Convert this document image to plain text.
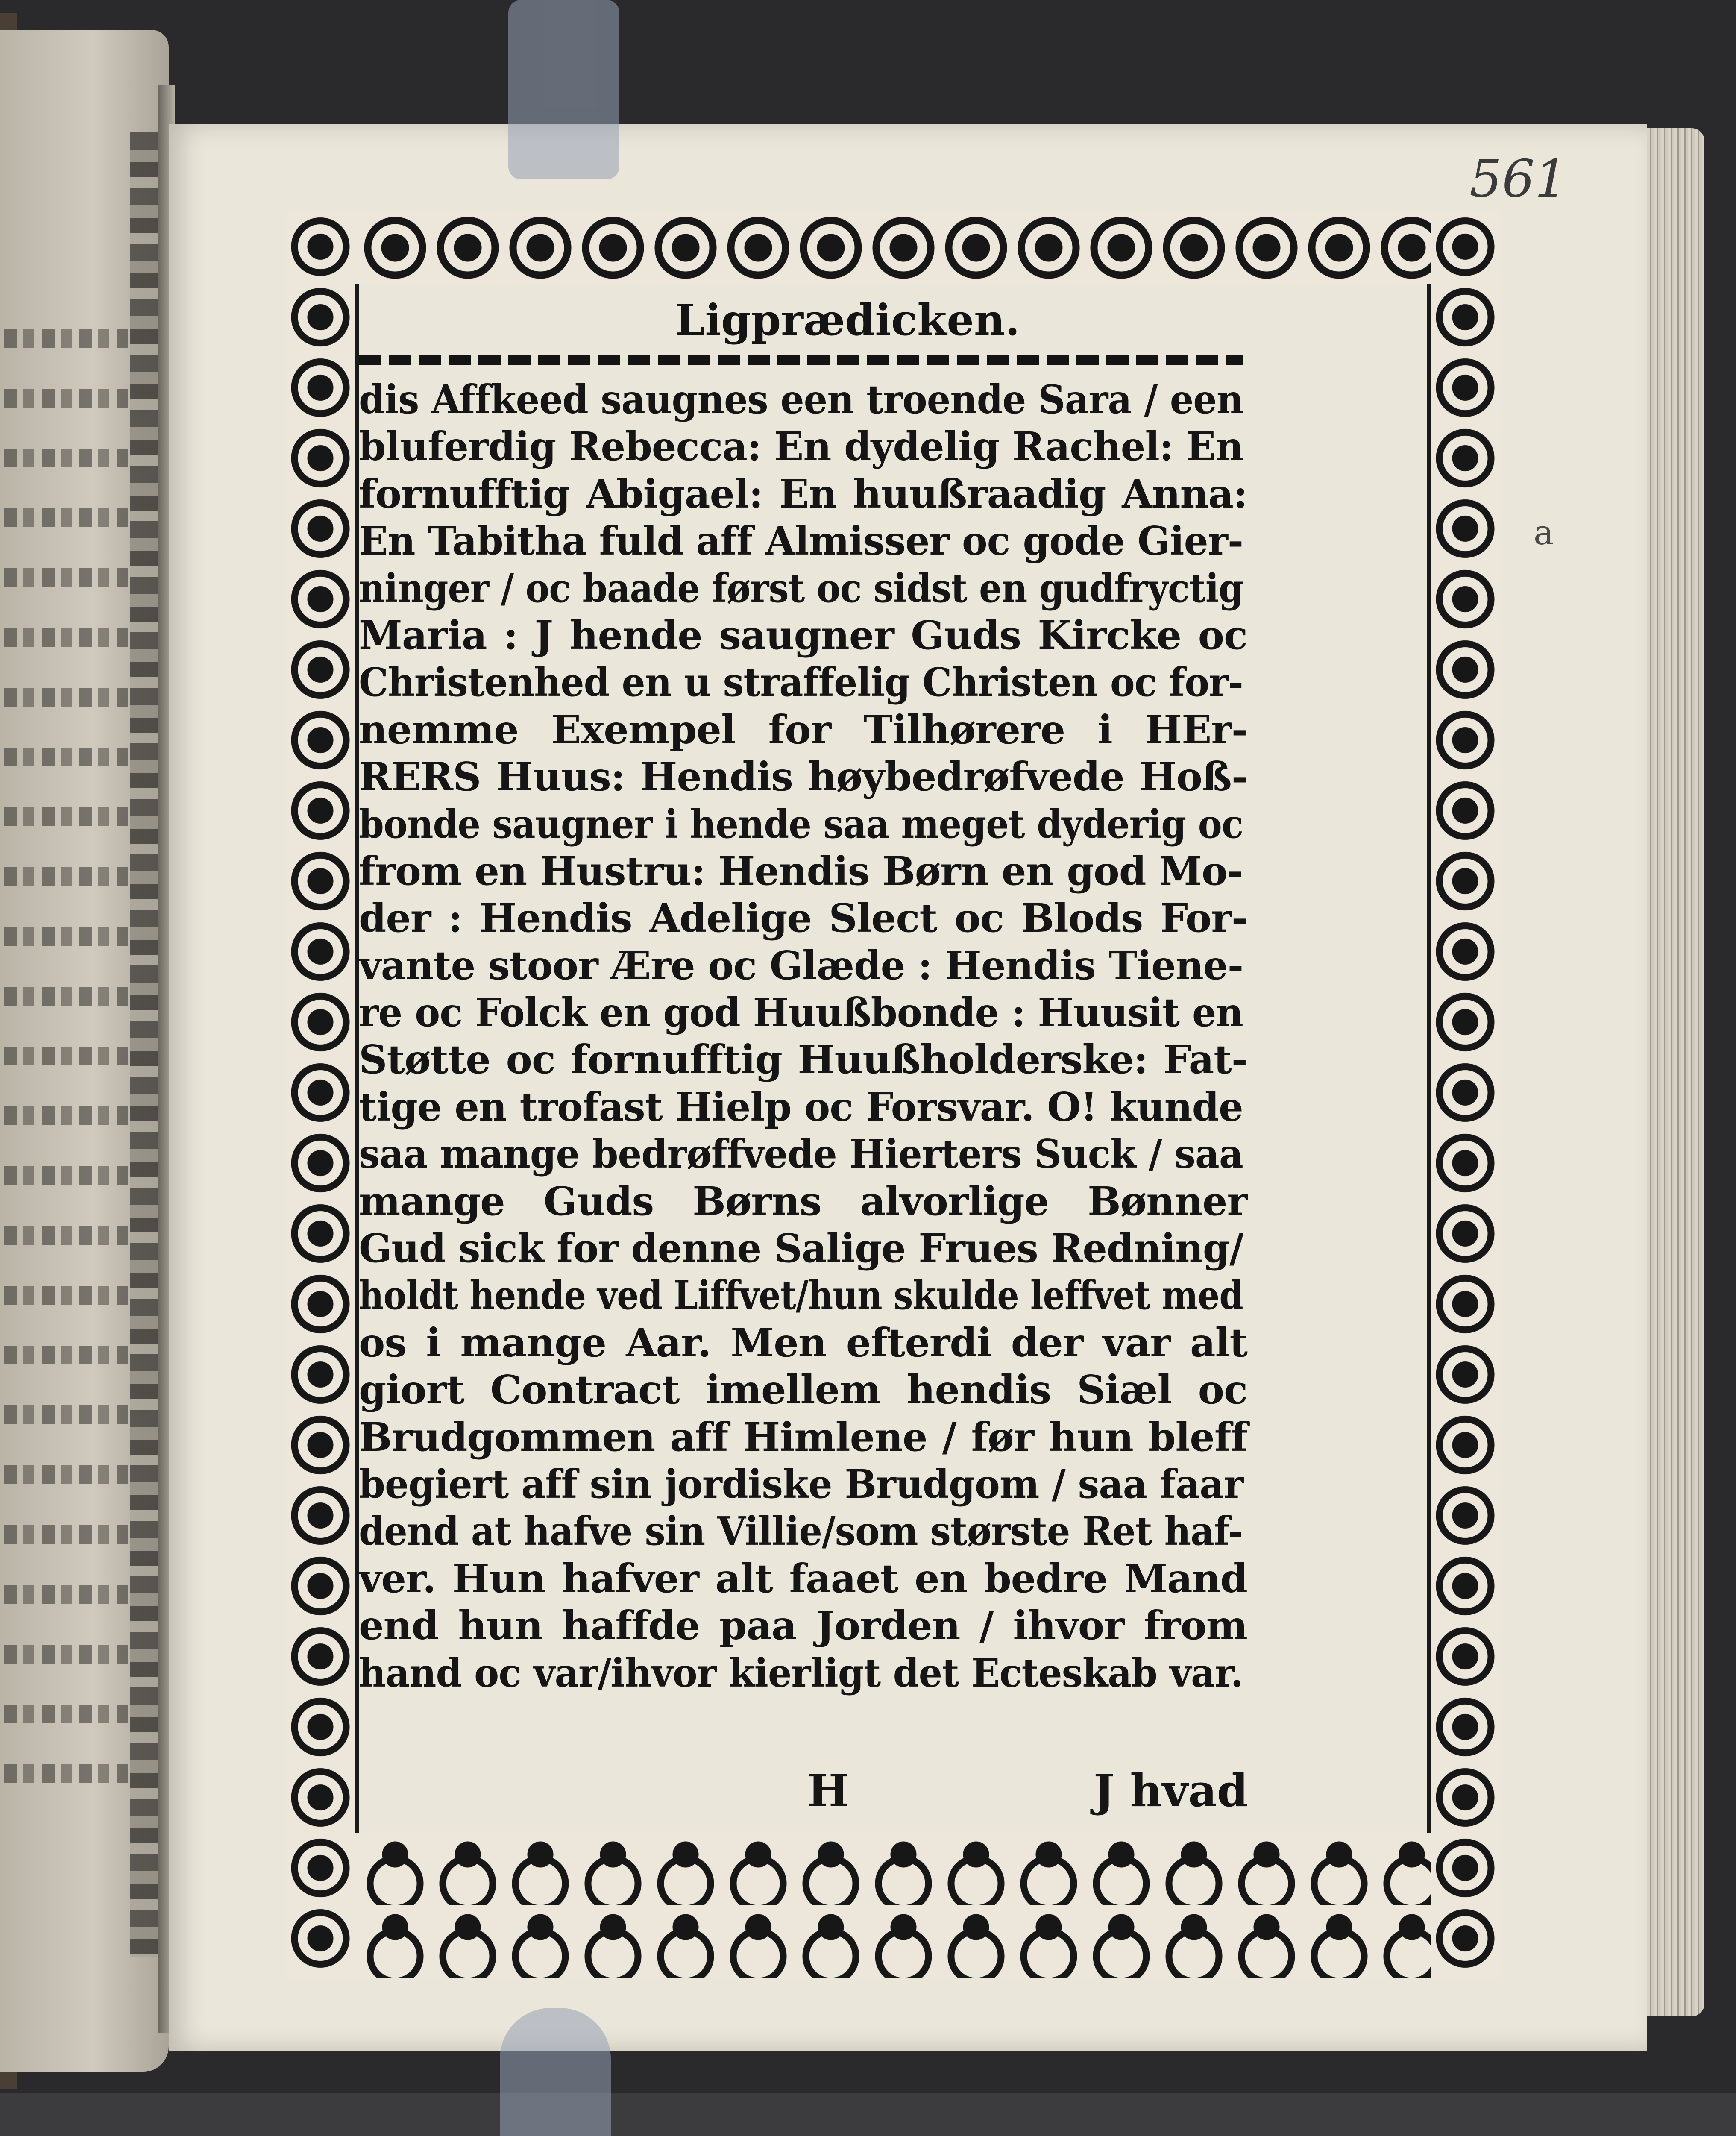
561
a
Ligprædicken.
dis Affkeed saugnes een troende Sara / een
bluferdig Rebecca: En dydelig Rachel: En
fornufftig Abigael: En huußraadig Anna:
En Tabitha fuld aff Almisser oc gode Gier-
ninger / oc baade først oc sidst en gudfryctig
Maria : J hende saugner Guds Kircke oc
Christenhed en u straffelig Christen oc for-
nemme Exempel for Tilhørere i HEr-
RERS Huus: Hendis høybedrøfvede Hoß-
bonde saugner i hende saa meget dyderig oc
from en Hustru: Hendis Børn en god Mo-
der : Hendis Adelige Slect oc Blods For-
vante stoor Ære oc Glæde : Hendis Tiene-
re oc Folck en god Huußbonde : Huusit en
Støtte oc fornufftig Huußholderske: Fat-
tige en trofast Hielp oc Forsvar. O! kunde
saa mange bedrøffvede Hierters Suck / saa
mange Guds Børns alvorlige Bønner
Gud sick for denne Salige Frues Redning/
holdt hende ved Liffvet/hun skulde leffvet med
os i mange Aar. Men efterdi der var alt
giort Contract imellem hendis Siæl oc
Brudgommen aff Himlene / før hun bleff
begiert aff sin jordiske Brudgom / saa faar
dend at hafve sin Villie/som største Ret haf-
ver. Hun hafver alt faaet en bedre Mand
end hun haffde paa Jorden / ihvor from
hand oc var/ihvor kierligt det Ecteskab var.
H	J hvad
